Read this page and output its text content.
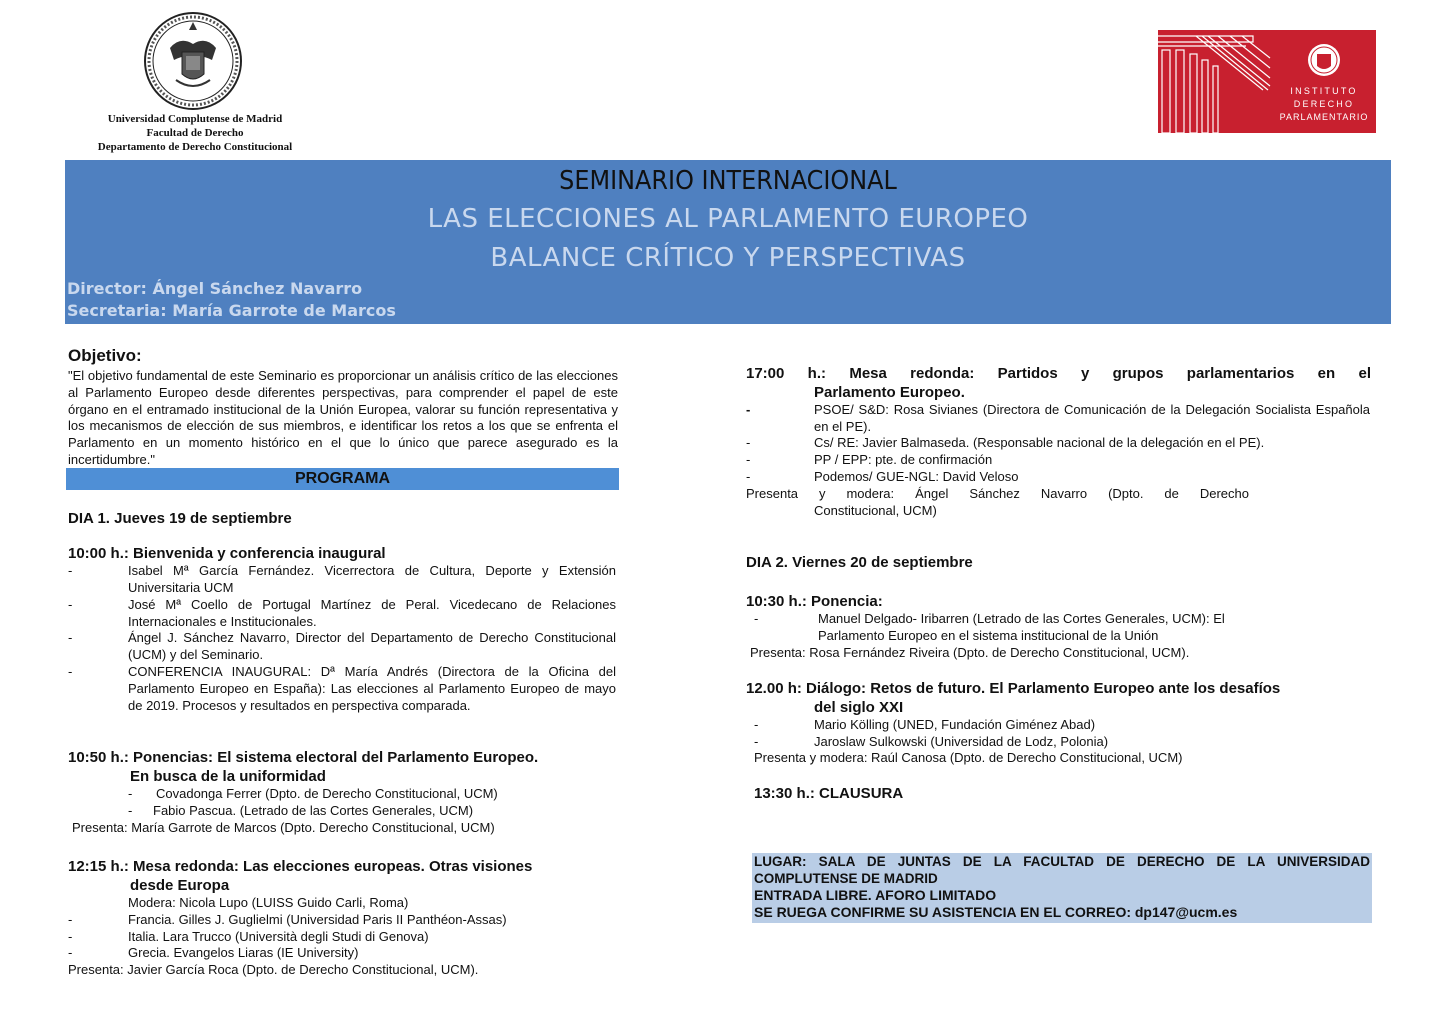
Universidad Complutense de Madrid
Facultad de Derecho
Departamento de Derecho Constitucional
INSTITUTO
DERECHO
PARLAMENTARIO
SEMINARIO INTERNACIONAL
LAS ELECCIONES AL PARLAMENTO EUROPEO
BALANCE CRÍTICO Y PERSPECTIVAS
Director: Ángel Sánchez Navarro
Secretaria: María Garrote de Marcos
Objetivo:
"El objetivo fundamental de este Seminario es proporcionar un análisis crítico de las elecciones al Parlamento Europeo desde diferentes perspectivas, para comprender el papel de este órgano en el entramado institucional de la Unión Europea, valorar su función representativa y los mecanismos de elección de sus miembros, e identificar los retos a los que se enfrenta el Parlamento en un momento histórico en el que lo único que parece asegurado es la incertidumbre."
PROGRAMA
DIA 1. Jueves 19 de septiembre
10:00 h.: Bienvenida y conferencia inaugural
-	Isabel Mª García Fernández. Vicerrectora de Cultura, Deporte y Extensión Universitaria UCM
-	José Mª Coello de Portugal Martínez de Peral. Vicedecano de Relaciones Internacionales e Institucionales.
-	Ángel J. Sánchez Navarro, Director del Departamento de Derecho Constitucional (UCM) y del Seminario.
-	CONFERENCIA INAUGURAL: Dª María Andrés (Directora de la Oficina del Parlamento Europeo en España): Las elecciones al Parlamento Europeo de mayo de 2019. Procesos y resultados en perspectiva comparada.
10:50 h.: Ponencias: El sistema electoral del Parlamento Europeo.
En busca de la uniformidad
- Covadonga Ferrer (Dpto. de Derecho Constitucional, UCM)
- Fabio Pascua. (Letrado de las Cortes Generales, UCM)
Presenta: María Garrote de Marcos (Dpto. Derecho Constitucional, UCM)
12:15 h.: Mesa redonda: Las elecciones europeas. Otras visiones
desde Europa
Modera: Nicola Lupo (LUISS Guido Carli, Roma)
-	Francia. Gilles J. Guglielmi (Universidad Paris II Panthéon-Assas)
-	Italia. Lara Trucco (Università degli Studi di Genova)
-	Grecia. Evangelos Liaras (IE University)
Presenta: Javier García Roca (Dpto. de Derecho Constitucional, UCM).
17:00 h.: Mesa redonda: Partidos y grupos parlamentarios en el
Parlamento Europeo.
-	PSOE/ S&D: Rosa Sivianes (Directora de Comunicación de la Delegación Socialista Española en el PE).
-	Cs/ RE: Javier Balmaseda. (Responsable nacional de la delegación en el PE).
-	PP / EPP: pte. de confirmación
-	Podemos/ GUE-NGL: David Veloso
Presenta y modera: Ángel Sánchez Navarro (Dpto. de Derecho
Constitucional, UCM)
DIA 2. Viernes 20 de septiembre
10:30 h.: Ponencia:
-	Manuel Delgado- Iribarren (Letrado de las Cortes Generales, UCM): El
Parlamento Europeo en el sistema institucional de la Unión
Presenta: Rosa Fernández Riveira (Dpto. de Derecho Constitucional, UCM).
12.00 h: Diálogo: Retos de futuro. El Parlamento Europeo ante los desafíos
del siglo XXI
-	Mario Kölling (UNED, Fundación Giménez Abad)
-	Jaroslaw Sulkowski (Universidad de Lodz, Polonia)
Presenta y modera: Raúl Canosa (Dpto. de Derecho Constitucional, UCM)
13:30 h.: CLAUSURA
LUGAR: SALA DE JUNTAS DE LA FACULTAD DE DERECHO DE LA UNIVERSIDAD
COMPLUTENSE DE MADRID
ENTRADA LIBRE. AFORO LIMITADO
SE RUEGA CONFIRME SU ASISTENCIA EN EL CORREO: dp147@ucm.es
